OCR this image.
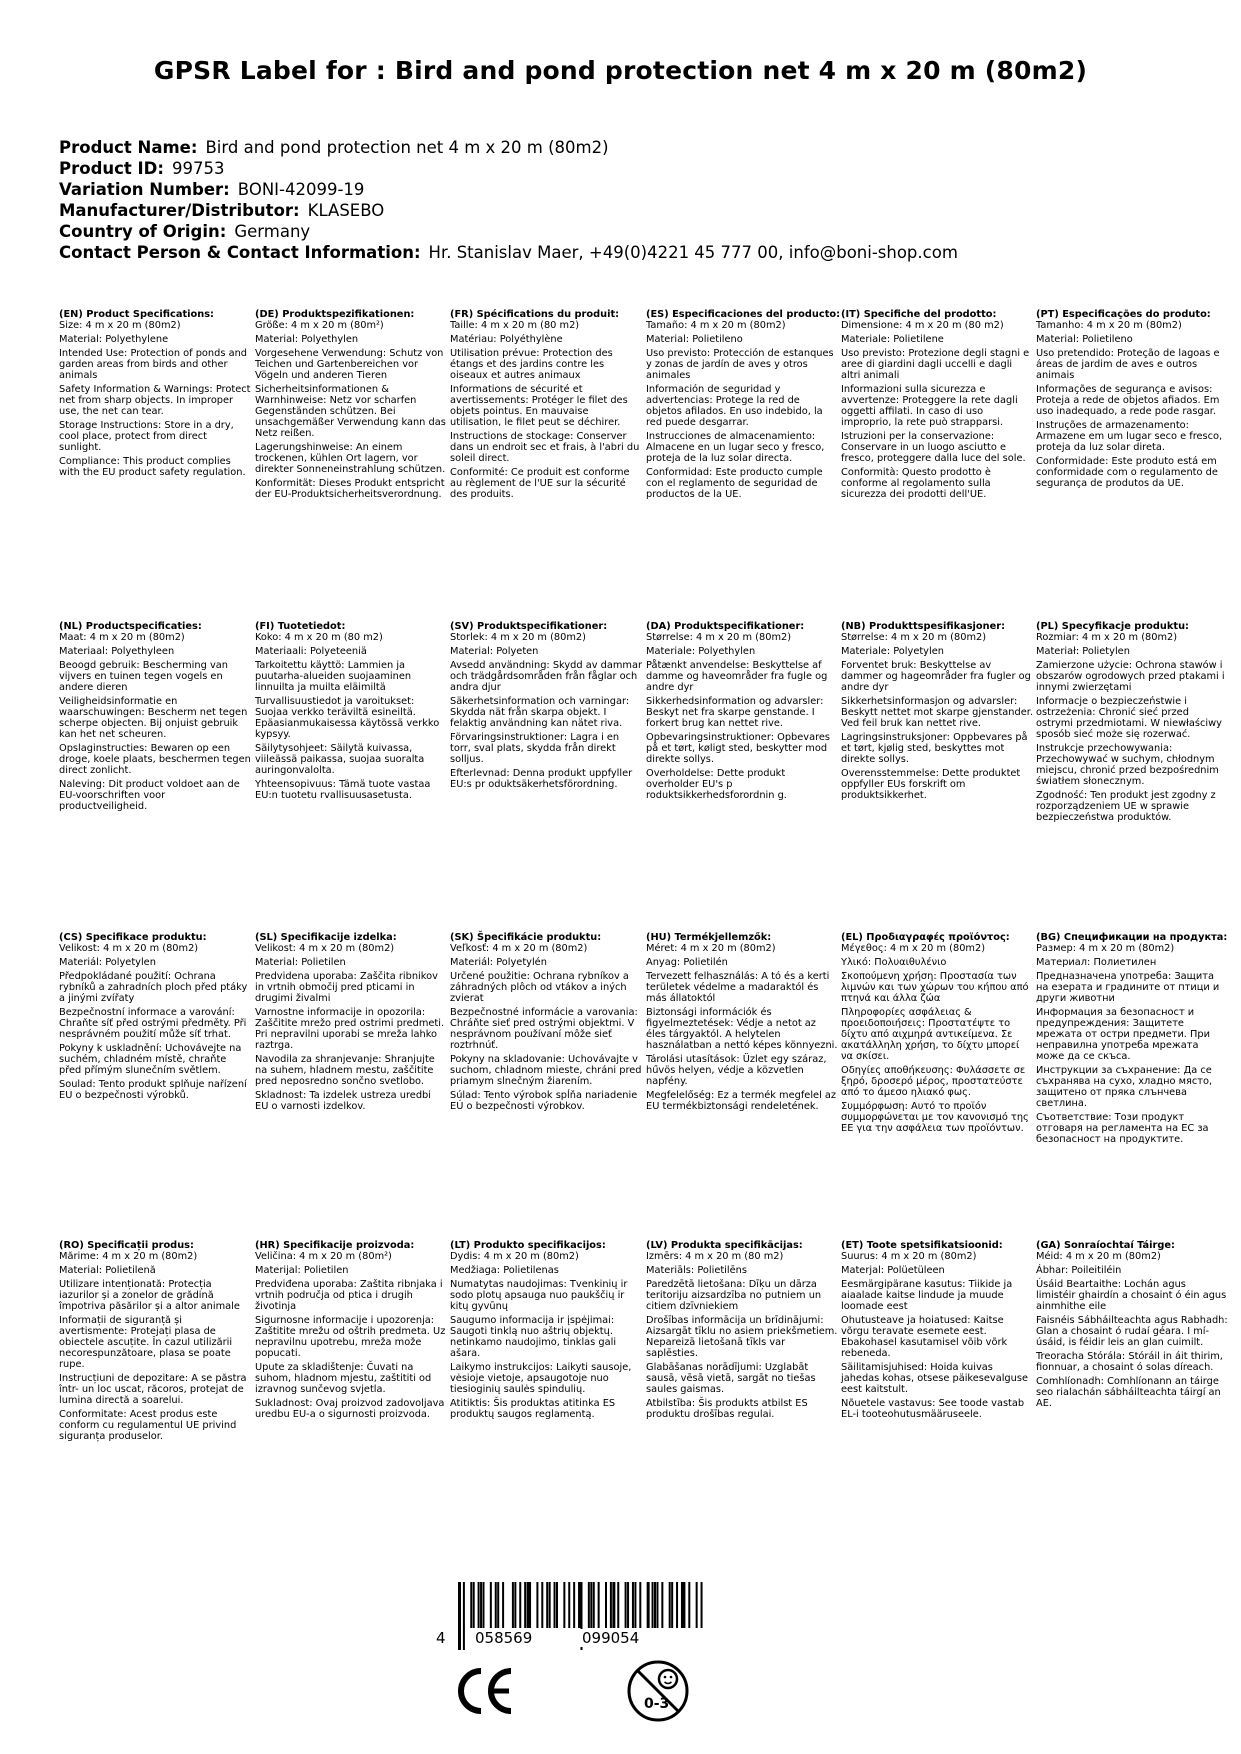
GPSR Label for : Bird and pond protection net 4 m x 20 m (80m2)
Product Name: Bird and pond protection net 4 m x 20 m (80m2)
Product ID: 99753
Variation Number: BONI-42099-19
Manufacturer/Distributor: KLASEBO
Country of Origin: Germany
Contact Person & Contact Information: Hr. Stanislav Maer, +49(0)4221 45 777 00, info@boni-shop.com
(EN) Product Specifications:
Size: 4 m x 20 m (80m2)
Material: Polyethylene
Intended Use: Protection of ponds and garden areas from birds and other animals
Safety Information & Warnings: Protect net from sharp objects. In improper use, the net can tear.
Storage Instructions: Store in a dry, cool place, protect from direct sunlight.
Compliance: This product complies with the EU product safety regulation.
(DE) Produktspezifikationen:
Größe: 4 m x 20 m (80m²)
Material: Polyethylen
Vorgesehene Verwendung: Schutz von Teichen und Gartenbereichen vor Vögeln und anderen Tieren
Sicherheitsinformationen & Warnhinweise: Netz vor scharfen Gegenständen schützen. Bei unsachgemäßer Verwendung kann das Netz reißen.
Lagerungshinweise: An einem trockenen, kühlen Ort lagern, vor direkter Sonneneinstrahlung schützen.
Konformität: Dieses Produkt entspricht der EU-Produktsicherheitsverordnung.
(FR) Spécifications du produit:
Taille: 4 m x 20 m (80 m2)
Matériau: Polyéthylène
Utilisation prévue: Protection des étangs et des jardins contre les oiseaux et autres animaux
Informations de sécurité et avertissements: Protéger le filet des objets pointus. En mauvaise utilisation, le filet peut se déchirer.
Instructions de stockage: Conserver dans un endroit sec et frais, à l'abri du soleil direct.
Conformité: Ce produit est conforme au règlement de l'UE sur la sécurité des produits.
(ES) Especificaciones del producto:
Tamaño: 4 m x 20 m (80m2)
Material: Polietileno
Uso previsto: Protección de estanques y zonas de jardín de aves y otros animales
Información de seguridad y advertencias: Protege la red de objetos afilados. En uso indebido, la red puede desgarrar.
Instrucciones de almacenamiento: Almacene en un lugar seco y fresco, proteja de la luz solar directa.
Conformidad: Este producto cumple con el reglamento de seguridad de productos de la UE.
(IT) Specifiche del prodotto:
Dimensione: 4 m x 20 m (80 m2)
Materiale: Polietilene
Uso previsto: Protezione degli stagni e aree di giardini dagli uccelli e dagli altri animali
Informazioni sulla sicurezza e avvertenze: Proteggere la rete dagli oggetti affilati. In caso di uso improprio, la rete può strapparsi.
Istruzioni per la conservazione: Conservare in un luogo asciutto e fresco, proteggere dalla luce del sole.
Conformità: Questo prodotto è conforme al regolamento sulla sicurezza dei prodotti dell'UE.
(PT) Especificações do produto:
Tamanho: 4 m x 20 m (80m2)
Material: Polietileno
Uso pretendido: Proteção de lagoas e áreas de jardim de aves e outros animais
Informações de segurança e avisos: Proteja a rede de objetos afiados. Em uso inadequado, a rede pode rasgar.
Instruções de armazenamento: Armazene em um lugar seco e fresco, proteja da luz solar direta.
Conformidade: Este produto está em conformidade com o regulamento de segurança de produtos da UE.
(NL) Productspecificaties:
Maat: 4 m x 20 m (80m2)
Materiaal: Polyethyleen
Beoogd gebruik: Bescherming van vijvers en tuinen tegen vogels en andere dieren
Veiligheidsinformatie en waarschuwingen: Bescherm net tegen scherpe objecten. Bij onjuist gebruik kan het net scheuren.
Opslaginstructies: Bewaren op een droge, koele plaats, beschermen tegen direct zonlicht.
Naleving: Dit product voldoet aan de EU-voorschriften voor productveiligheid.
(FI) Tuotetiedot:
Koko: 4 m x 20 m (80 m2)
Materiaali: Polyeteeniä
Tarkoitettu käyttö: Lammien ja puutarha-alueiden suojaaminen linnuilta ja muilta eläimiltä
Turvallisuustiedot ja varoitukset: Suojaa verkko teräviltä esineiltä. Epäasianmukaisessa käytössä verkko kypsyy.
Säilytysohjeet: Säilytä kuivassa, viileässä paikassa, suojaa suoralta auringonvalolta.
Yhteensopivuus: Tämä tuote vastaa EU:n tuotetu rvallisuusasetusta.
(SV) Produktspecifikationer:
Storlek: 4 m x 20 m (80m2)
Material: Polyeten
Avsedd användning: Skydd av dammar och trädgårdsområden från fåglar och andra djur
Säkerhetsinformation och varningar: Skydda nät från skarpa objekt. I felaktig användning kan nätet riva.
Förvaringsinstruktioner: Lagra i en torr, sval plats, skydda från direkt solljus.
Efterlevnad: Denna produkt uppfyller EU:s pr oduktsäkerhetsförordning.
(DA) Produktspecifikationer:
Størrelse: 4 m x 20 m (80m2)
Materiale: Polyethylen
Påtænkt anvendelse: Beskyttelse af damme og haveområder fra fugle og andre dyr
Sikkerhedsinformation og advarsler: Beskyt net fra skarpe genstande. I forkert brug kan nettet rive.
Opbevaringsinstruktioner: Opbevares på et tørt, køligt sted, beskytter mod direkte sollys.
Overholdelse: Dette produkt overholder EU's p roduktsikkerhedsforordnin g.
(NB) Produkttspesifikasjoner:
Størrelse: 4 m x 20 m (80m2)
Materiale: Polyetylen
Forventet bruk: Beskyttelse av dammer og hageområder fra fugler og andre dyr
Sikkerhetsinformasjon og advarsler: Beskytt nettet mot skarpe gjenstander. Ved feil bruk kan nettet rive.
Lagringsinstruksjoner: Oppbevares på et tørt, kjølig sted, beskyttes mot direkte sollys.
Overensstemmelse: Dette produktet oppfyller EUs forskrift om produktsikkerhet.
(PL) Specyfikacje produktu:
Rozmiar: 4 m x 20 m (80m2)
Materiał: Polietylen
Zamierzone użycie: Ochrona stawów i obszarów ogrodowych przed ptakami i innymi zwierzętami
Informacje o bezpieczeństwie i ostrzeżenia: Chronić sieć przed ostrymi przedmiotami. W niewłaściwy sposób sieć może się rozerwać.
Instrukcje przechowywania: Przechowywać w suchym, chłodnym miejscu, chronić przed bezpośrednim światłem słonecznym.
Zgodność: Ten produkt jest zgodny z rozporządzeniem UE w sprawie bezpieczeństwa produktów.
(CS) Specifikace produktu:
Velikost: 4 m x 20 m (80m2)
Materiál: Polyetylen
Předpokládané použití: Ochrana rybníků a zahradních ploch před ptáky a jinými zvířaty
Bezpečnostní informace a varování: Chraňte síť před ostrými předměty. Při nesprávném použití může síť trhat.
Pokyny k uskladnění: Uchovávejte na suchém, chladném místě, chraňte před přímým slunečním světlem.
Soulad: Tento produkt splňuje nařízení EU o bezpečnosti výrobků.
(SL) Specifikacije izdelka:
Velikost: 4 m x 20 m (80m2)
Material: Polietilen
Predvidena uporaba: Zaščita ribnikov in vrtnih območij pred pticami in drugimi živalmi
Varnostne informacije in opozorila: Zaščitite mrežo pred ostrimi predmeti. Pri nepravilni uporabi se mreža lahko raztrga.
Navodila za shranjevanje: Shranjujte na suhem, hladnem mestu, zaščitite pred neposredno sončno svetlobo.
Skladnost: Ta izdelek ustreza uredbi EU o varnosti izdelkov.
(SK) Špecifikácie produktu:
Veľkosť: 4 m x 20 m (80m2)
Materiál: Polyetylén
Určené použitie: Ochrana rybníkov a záhradných plôch od vtákov a iných zvierat
Bezpečnostné informácie a varovania: Chráňte sieť pred ostrými objektmi. V nesprávnom používaní môže sieť roztrhnúť.
Pokyny na skladovanie: Uchovávajte v suchom, chladnom mieste, chráni pred priamym slnečným žiarením.
Súlad: Tento výrobok spĺňa nariadenie EÚ o bezpečnosti výrobkov.
(HU) Termékjellemzők:
Méret: 4 m x 20 m (80m2)
Anyag: Polietilén
Tervezett felhasználás: A tó és a kerti területek védelme a madaraktól és más állatoktól
Biztonsági információk és figyelmeztetések: Védje a netot az éles tárgyaktól. A helytelen használatban a nettó képes könnyezni.
Tárolási utasítások: Üzlet egy száraz, hűvös helyen, védje a közvetlen napfény.
Megfelelőség: Ez a termék megfelel az EU termékbiztonsági rendeletének.
(EL) Προδιαγραφές προϊόντος:
Μέγεθος: 4 m x 20 m (80m2)
Υλικό: Πολυαιθυλένιο
Σκοπούμενη χρήση: Προστασία των λιμνών και των χώρων του κήπου από πτηνά και άλλα ζώα
Πληροφορίες ασφάλειας & προειδοποιήσεις: Προστατέψτε το δίχτυ από αιχμηρά αντικείμενα. Σε ακατάλληλη χρήση, το δίχτυ μπορεί να σκίσει.
Οδηγίες αποθήκευσης: Φυλάσσετε σε ξηρό, δροσερό μέρος, προστατεύστε από το άμεσο ηλιακό φως.
Συμμόρφωση: Αυτό το προϊόν συμμορφώνεται με τον κανονισμό της ΕΕ για την ασφάλεια των προϊόντων.
(BG) Спецификации на продукта:
Размер: 4 m x 20 m (80m2)
Материал: Полиетилен
Предназначена употреба: Защита на езерата и градините от птици и други животни
Информация за безопасност и предупреждения: Защитете мрежата от остри предмети. При неправилна употреба мрежата може да се скъса.
Инструкции за съхранение: Да се съхранява на сухо, хладно място, защитено от пряка слънчева светлина.
Съответствие: Този продукт отговаря на регламента на ЕС за безопасност на продуктите.
(RO) Specificații produs:
Mărime: 4 m x 20 m (80m2)
Material: Polietilenă
Utilizare intenționată: Protecția iazurilor și a zonelor de grădină împotriva păsărilor și a altor animale
Informații de siguranță și avertismente: Protejați plasa de obiectele ascuțite. În cazul utilizării necorespunzătoare, plasa se poate rupe.
Instrucțiuni de depozitare: A se păstra într- un loc uscat, răcoros, protejat de lumina directă a soarelui.
Conformitate: Acest produs este conform cu regulamentul UE privind siguranța produselor.
(HR) Specifikacije proizvoda:
Veličina: 4 m x 20 m (80m²)
Materijal: Polietilen
Predviđena uporaba: Zaštita ribnjaka i vrtnih područja od ptica i drugih životinja
Sigurnosne informacije i upozorenja: Zaštitite mrežu od oštrih predmeta. Uz nepravilnu upotrebu, mreža može popucati.
Upute za skladištenje: Čuvati na suhom, hladnom mjestu, zaštititi od izravnog sunčevog svjetla.
Sukladnost: Ovaj proizvod zadovoljava uredbu EU-a o sigurnosti proizvoda.
(LT) Produkto specifikacijos:
Dydis: 4 m x 20 m (80m2)
Medžiaga: Polietilenas
Numatytas naudojimas: Tvenkinių ir sodo plotų apsauga nuo paukščių ir kitų gyvūnų
Saugumo informacija ir įspėjimai: Saugoti tinklą nuo aštrių objektų. netinkamo naudojimo, tinklas gali ašara.
Laikymo instrukcijos: Laikyti sausoje, vėsioje vietoje, apsaugotoje nuo tiesioginių saulės spindulių.
Atitiktis: Šis produktas atitinka ES produktų saugos reglamentą.
(LV) Produkta specifikācijas:
Izmērs: 4 m x 20 m (80 m2)
Materiāls: Polietilēns
Paredzētā lietošana: Dīķu un dārza teritoriju aizsardzība no putniem un citiem dzīvniekiem
Drošības informācija un brīdinājumi: Aizsargāt tīklu no asiem priekšmetiem. Nepareizā lietošanā tīkls var saplēsties.
Glabāšanas norādījumi: Uzglabāt sausā, vēsā vietā, sargāt no tiešas saules gaismas.
Atbilstība: Šis produkts atbilst ES produktu drošības regulai.
(ET) Toote spetsifikatsioonid:
Suurus: 4 m x 20 m (80m2)
Materjal: Polüetüleen
Eesmärgipärane kasutus: Tiikide ja aiaalade kaitse lindude ja muude loomade eest
Ohutusteave ja hoiatused: Kaitse võrgu teravate esemete eest. Ebakohasel kasutamisel võib võrk rebeneda.
Säilitamisjuhised: Hoida kuivas jahedas kohas, otsese päikesevalguse eest kaitstult.
Nõuetele vastavus: See toode vastab EL-i tooteohutusmääruseele.
(GA) Sonraíochtaí Táirge:
Méid: 4 m x 20 m (80m2)
Ábhar: Poileitiléin
Úsáid Beartaithe: Lochán agus limistéir ghairdín a chosaint ó éin agus ainmhithe eile
Faisnéis Sábháilteachta agus Rabhadh: Glan a chosaint ó rudaí géara. I mí-úsáid, is féidir leis an glan cuimilt.
Treoracha Stórála: Stóráil in áit thirim, fionnuar, a chosaint ó solas díreach.
Comhlíonadh: Comhlíonann an táirge seo rialachán sábháilteachta táirgí an AE.
4 058569	099054
CE
0-3
